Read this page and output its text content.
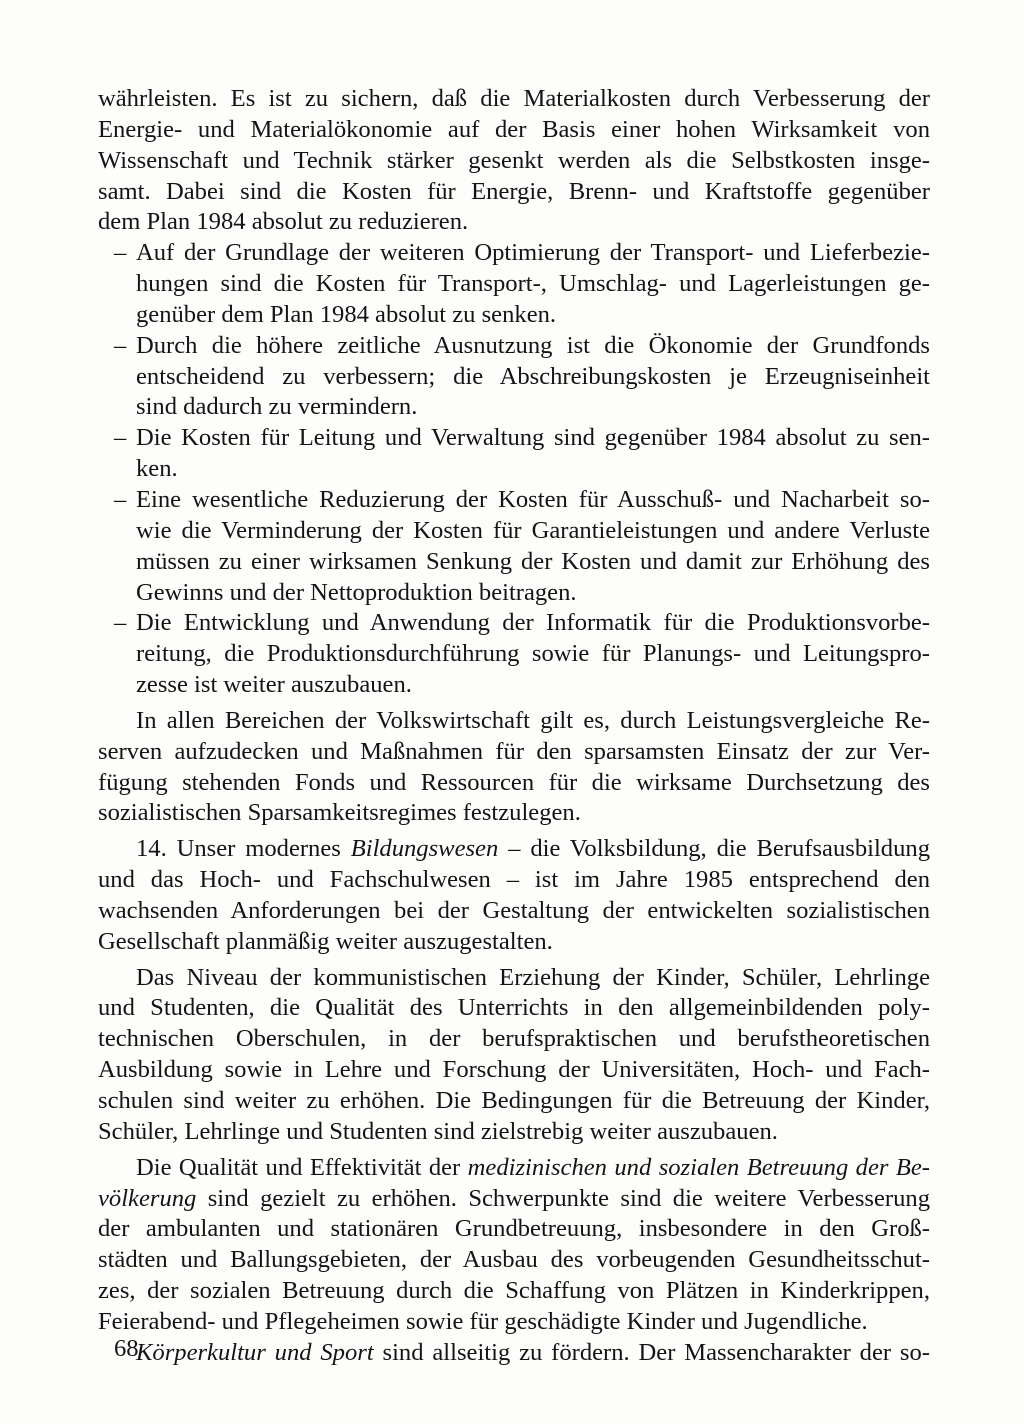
währleisten. Es ist zu sichern, daß die Materialkosten durch Verbesserung der
Energie- und Materialökonomie auf der Basis einer hohen Wirksamkeit von
Wissenschaft und Technik stärker gesenkt werden als die Selbstkosten insge-
samt. Dabei sind die Kosten für Energie, Brenn- und Kraftstoffe gegenüber
dem Plan 1984 absolut zu reduzieren.
– Auf der Grundlage der weiteren Optimierung der Transport- und Lieferbezie-
hungen sind die Kosten für Transport-, Umschlag- und Lagerleistungen ge-
genüber dem Plan 1984 absolut zu senken.
– Durch die höhere zeitliche Ausnutzung ist die Ökonomie der Grundfonds
entscheidend zu verbessern; die Abschreibungskosten je Erzeugniseinheit
sind dadurch zu vermindern.
– Die Kosten für Leitung und Verwaltung sind gegenüber 1984 absolut zu sen-
ken.
– Eine wesentliche Reduzierung der Kosten für Ausschuß- und Nacharbeit so-
wie die Verminderung der Kosten für Garantieleistungen und andere Verluste
müssen zu einer wirksamen Senkung der Kosten und damit zur Erhöhung des
Gewinns und der Nettoproduktion beitragen.
– Die Entwicklung und Anwendung der Informatik für die Produktionsvorbe-
reitung, die Produktionsdurchführung sowie für Planungs- und Leitungspro-
zesse ist weiter auszubauen.
In allen Bereichen der Volkswirtschaft gilt es, durch Leistungsvergleiche Re-
serven aufzudecken und Maßnahmen für den sparsamsten Einsatz der zur Ver-
fügung stehenden Fonds und Ressourcen für die wirksame Durchsetzung des
sozialistischen Sparsamkeitsregimes festzulegen.
14. Unser modernes Bildungswesen – die Volksbildung, die Berufsausbildung
und das Hoch- und Fachschulwesen – ist im Jahre 1985 entsprechend den
wachsenden Anforderungen bei der Gestaltung der entwickelten sozialistischen
Gesellschaft planmäßig weiter auszugestalten.
Das Niveau der kommunistischen Erziehung der Kinder, Schüler, Lehrlinge
und Studenten, die Qualität des Unterrichts in den allgemeinbildenden poly-
technischen Oberschulen, in der berufspraktischen und berufstheoretischen
Ausbildung sowie in Lehre und Forschung der Universitäten, Hoch- und Fach-
schulen sind weiter zu erhöhen. Die Bedingungen für die Betreuung der Kinder,
Schüler, Lehrlinge und Studenten sind zielstrebig weiter auszubauen.
Die Qualität und Effektivität der medizinischen und sozialen Betreuung der Be-
völkerung sind gezielt zu erhöhen. Schwerpunkte sind die weitere Verbesserung
der ambulanten und stationären Grundbetreuung, insbesondere in den Groß-
städten und Ballungsgebieten, der Ausbau des vorbeugenden Gesundheitsschut-
zes, der sozialen Betreuung durch die Schaffung von Plätzen in Kinderkrippen,
Feierabend- und Pflegeheimen sowie für geschädigte Kinder und Jugendliche.
Körperkultur und Sport sind allseitig zu fördern. Der Massencharakter der so-
68
